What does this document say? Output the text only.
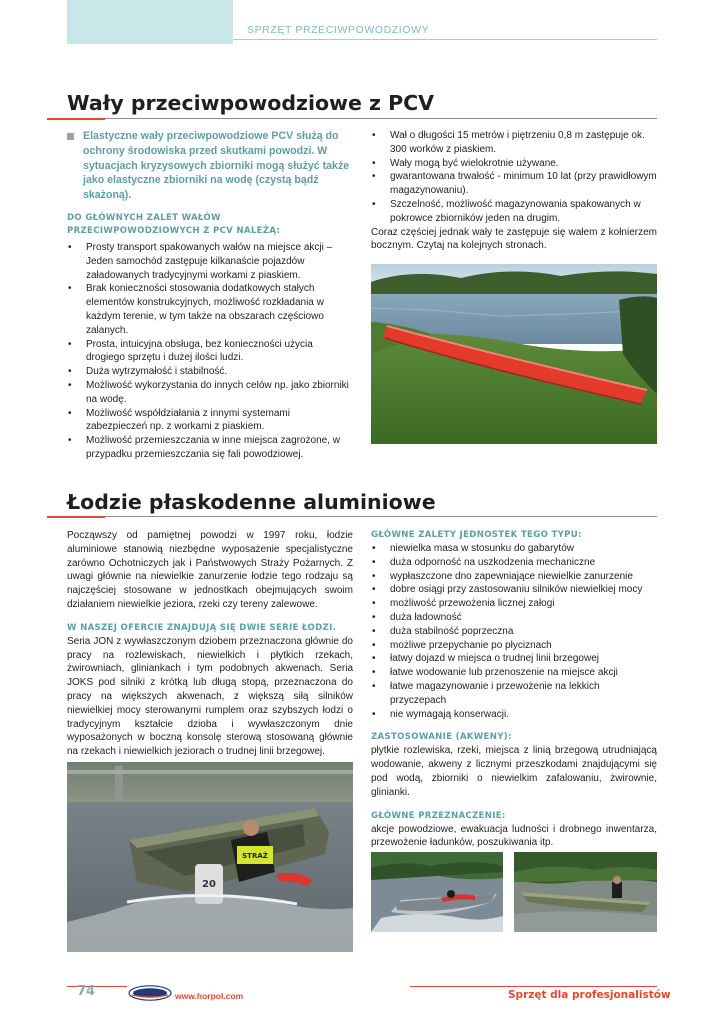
SPRZĘT PRZECIWPOWODZIOWY
Wały przeciwpowodziowe z PCV
Elastyczne wały przeciwpowodziowe PCV służą do ochrony środowiska przed skutkami powodzi. W sytuacjach kryzysowych zbiorniki mogą służyć także jako elastyczne zbiorniki na wodę (czystą bądź skażoną).
DO GŁÓWNYCH ZALET WAŁÓW PRZECIWPOWODZIOWYCH Z PCV NALEŻĄ:
• Prosty transport spakowanych wałów na miejsce akcji – Jeden samochód zastępuje kilkanaście pojazdów załadowanych tradycyjnymi workami z piaskiem.
• Brak konieczności stosowania dodatkowych stałych elementów konstrukcyjnych, możliwość rozkładania w każdym terenie, w tym także na obszarach częściowo zalanych.
• Prosta, intuicyjna obsługa, bez konieczności użycia drogiego sprzętu i dużej ilości ludzi.
• Duża wytrzymałość i stabilność.
• Możliwość wykorzystania do innych celów np. jako zbiorniki na wodę.
• Możliwość współdziałania z innymi systemami zabezpieczeń np. z workami z piaskiem.
• Możliwość przemieszczania w inne miejsca zagrożone, w przypadku przemieszczania się fali powodziowej.
• Wał o długości 15 metrów i piętrzeniu 0,8 m zastępuje ok. 300 worków z piaskiem.
• Wały mogą być wielokrotnie używane.
• gwarantowana trwałość - minimum 10 lat (przy prawidłowym magazynowaniu).
• Szczelność, możliwość magazynowania spakowanych w pokrowce zbiorników jeden na drugim.

Coraz częściej jednak wały te zastępuje się wałem z kołnierzem bocznym. Czytaj na kolejnych stronach.

Łodzie płaskodenne aluminiowe

Począwszy od pamiętnej powodzi w 1997 roku, łodzie aluminiowe stanowią niezbędne wyposażenie specjalistyczne zarówno Ochotniczych jak i Państwowych Straży Pożarnych. Z uwagi głównie na niewielkie zanurzenie łodzie tego rodzaju są najczęściej stosowane w jednostkach obejmujących swoim działaniem niewielkie jeziora, rzeki czy tereny zalewowe.

W NASZEJ OFERCIE ZNAJDUJĄ SIĘ DWIE SERIE ŁODZI.

Seria JON z wywłaszczonym dziobem przeznaczona głównie do pracy na rozlewiskach, niewielkich i płytkich rzekach, żwirowniach, gliniankach i tym podobnych akwenach. Seria JOKS pod silniki z krótką lub długą stopą, przeznaczona do pracy na większych akwenach, z większą siłą silników niewielkiej mocy sterowanymi rumplem oraz szybszych łodzi o tradycyjnym kształcie dzioba i wywłaszczonym dnie wyposażonych w boczną konsolę sterową stosowaną głównie na rzekach i niewielkich jeziorach o trudnej linii brzegowej.

20
STRAŻ
GŁÓWNE ZALETY JEDNOSTEK TEGO TYPU:
• niewielka masa w stosunku do gabarytów
• duża odporność na uszkodzenia mechaniczne
• wypłaszczone dno zapewniające niewielkie zanurzenie
• dobre osiągi przy zastosowaniu silników niewielkiej mocy
• możliwość przewożenia licznej załogi
• duża ładowność
• duża stabilność poprzeczna
• możliwe przepychanie po płyciznach
• łatwy dojazd w miejsca o trudnej linii brzegowej
• łatwe wodowanie lub przenoszenie na miejsce akcji
• łatwe magazynowanie i przewożenie na lekkich przyczepach
• nie wymagają konserwacji.
ZASTOSOWANIE (AKWENY):

płytkie rozlewiska, rzeki, miejsca z linią brzegową utrudniającą wodowanie, akweny z licznymi przeszkodami znajdującymi się pod wodą, zbiorniki o niewielkim zafalowaniu, żwirownie, glinianki.

GŁÓWNE PRZEZNACZENIE:

akcje powodziowe, ewakuacja ludności i drobnego inwentarza, przewożenie ładunków, poszukiwania itp.

74	www.horpol.com	Sprzęt dla profesjonalistów
